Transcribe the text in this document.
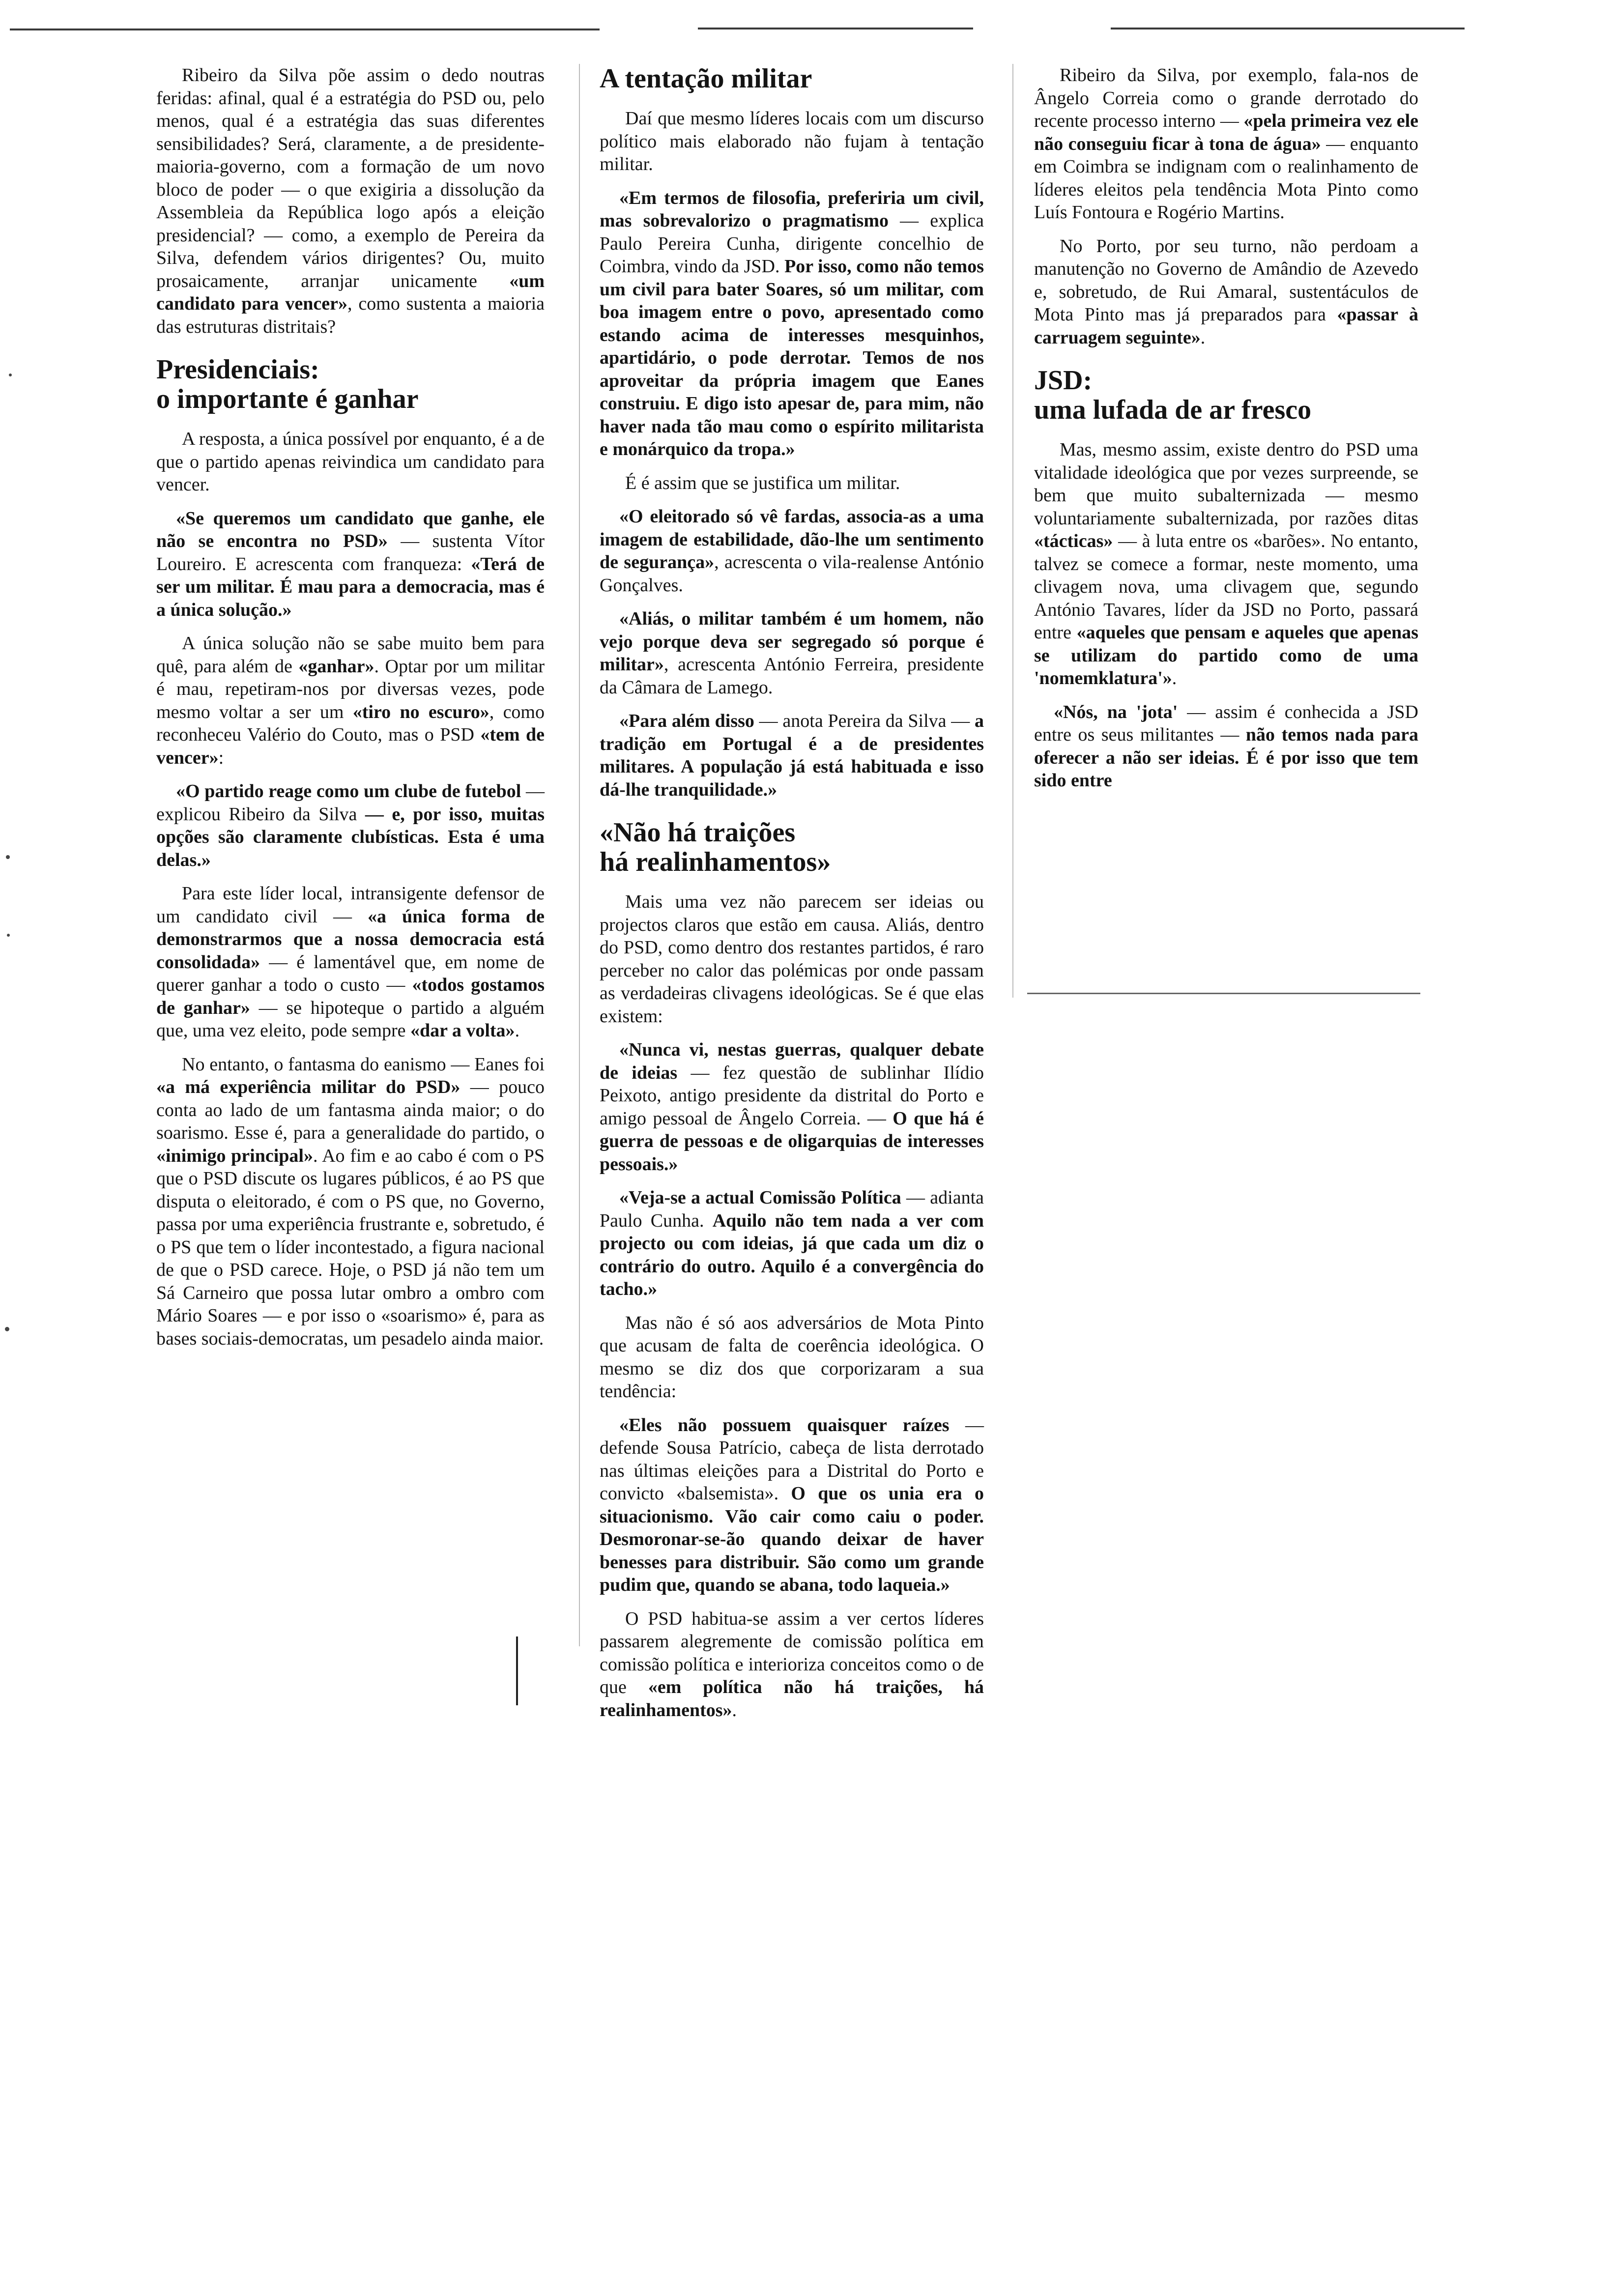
Ribeiro da Silva põe assim o dedo noutras feridas: afinal, qual é a estratégia do PSD ou, pelo menos, qual é a estratégia das suas diferentes sensibilidades? Será, claramente, a de presidente-maioria-governo, com a formação de um novo bloco de poder — o que exigiria a dissolução da Assembleia da República logo após a eleição presidencial? — como, a exemplo de Pereira da Silva, defendem vários dirigentes? Ou, muito prosaicamente, arranjar unicamente «um candidato para vencer», como sustenta a maioria das estruturas distritais?

Presidenciais:
o importante é ganhar

A resposta, a única possível por enquanto, é a de que o partido apenas reivindica um candidato para vencer.

«Se queremos um candidato que ganhe, ele não se encontra no PSD» — sustenta Vítor Loureiro. E acrescenta com franqueza: «Terá de ser um militar. É mau para a democracia, mas é a única solução.»

A única solução não se sabe muito bem para quê, para além de «ganhar». Optar por um militar é mau, repetiram-nos por diversas vezes, pode mesmo voltar a ser um «tiro no escuro», como reconheceu Valério do Couto, mas o PSD «tem de vencer»:

«O partido reage como um clube de futebol — explicou Ribeiro da Silva — e, por isso, muitas opções são claramente clubísticas. Esta é uma delas.»

Para este líder local, intransigente defensor de um candidato civil — «a única forma de demonstrarmos que a nossa democracia está consolidada» — é lamentável que, em nome de querer ganhar a todo o custo — «todos gostamos de ganhar» — se hipoteque o partido a alguém que, uma vez eleito, pode sempre «dar a volta».

No entanto, o fantasma do eanismo — Eanes foi «a má experiência militar do PSD» — pouco conta ao lado de um fantasma ainda maior; o do soarismo. Esse é, para a generalidade do partido, o «inimigo principal». Ao fim e ao cabo é com o PS que o PSD discute os lugares públicos, é ao PS que disputa o eleitorado, é com o PS que, no Governo, passa por uma experiência frustrante e, sobretudo, é o PS que tem o líder incontestado, a figura nacional de que o PSD carece. Hoje, o PSD já não tem um Sá Carneiro que possa lutar ombro a ombro com Mário Soares — e por isso o «soarismo» é, para as bases sociais-democratas, um pesadelo ainda maior.

A tentação militar

Daí que mesmo líderes locais com um discurso político mais elaborado não fujam à tentação militar.

«Em termos de filosofia, preferiria um civil, mas sobrevalorizo o pragmatismo — explica Paulo Pereira Cunha, dirigente concelhio de Coimbra, vindo da JSD. Por isso, como não temos um civil para bater Soares, só um militar, com boa imagem entre o povo, apresentado como estando acima de interesses mesquinhos, apartidário, o pode derrotar. Temos de nos aproveitar da própria imagem que Eanes construiu. E digo isto apesar de, para mim, não haver nada tão mau como o espírito militarista e monárquico da tropa.»

É é assim que se justifica um militar.

«O eleitorado só vê fardas, associa-as a uma imagem de estabilidade, dão-lhe um sentimento de segurança», acrescenta o vila-realense António Gonçalves.

«Aliás, o militar também é um homem, não vejo porque deva ser segregado só porque é militar», acrescenta António Ferreira, presidente da Câmara de Lamego.

«Para além disso — anota Pereira da Silva — a tradição em Portugal é a de presidentes militares. A população já está habituada e isso dá-lhe tranquilidade.»

«Não há traições
há realinhamentos»

Mais uma vez não parecem ser ideias ou projectos claros que estão em causa. Aliás, dentro do PSD, como dentro dos restantes partidos, é raro perceber no calor das polémicas por onde passam as verdadeiras clivagens ideológicas. Se é que elas existem:

«Nunca vi, nestas guerras, qualquer debate de ideias — fez questão de sublinhar Ilídio Peixoto, antigo presidente da distrital do Porto e amigo pessoal de Ângelo Correia. — O que há é guerra de pessoas e de oligarquias de interesses pessoais.»

«Veja-se a actual Comissão Política — adianta Paulo Cunha. Aquilo não tem nada a ver com projecto ou com ideias, já que cada um diz o contrário do outro. Aquilo é a convergência do tacho.»

Mas não é só aos adversários de Mota Pinto que acusam de falta de coerência ideológica. O mesmo se diz dos que corporizaram a sua tendência:

«Eles não possuem quaisquer raízes — defende Sousa Patrício, cabeça de lista derrotado nas últimas eleições para a Distrital do Porto e convicto «balsemista». O que os unia era o situacionismo. Vão cair como caiu o poder. Desmoronar-se-ão quando deixar de haver benesses para distribuir. São como um grande pudim que, quando se abana, todo laqueia.»

O PSD habitua-se assim a ver certos líderes passarem alegremente de comissão política em comissão política e interioriza conceitos como o de que «em política não há traições, há realinhamentos».

Ribeiro da Silva, por exemplo, fala-nos de Ângelo Correia como o grande derrotado do recente processo interno — «pela primeira vez ele não conseguiu ficar à tona de água» — enquanto em Coimbra se indignam com o realinhamento de líderes eleitos pela tendência Mota Pinto como Luís Fontoura e Rogério Martins.

No Porto, por seu turno, não perdoam a manutenção no Governo de Amândio de Azevedo e, sobretudo, de Rui Amaral, sustentáculos de Mota Pinto mas já preparados para «passar à carruagem seguinte».

JSD:
uma lufada de ar fresco

Mas, mesmo assim, existe dentro do PSD uma vitalidade ideológica que por vezes surpreende, se bem que muito subalternizada — mesmo voluntariamente subalternizada, por razões ditas «tácticas» — à luta entre os «barões». No entanto, talvez se comece a formar, neste momento, uma clivagem nova, uma clivagem que, segundo António Tavares, líder da JSD no Porto, passará entre «aqueles que pensam e aqueles que apenas se utilizam do partido como de uma 'nomemklatura'».

«Nós, na 'jota' — assim é conhecida a JSD entre os seus militantes — não temos nada para oferecer a não ser ideias. É é por isso que tem sido entre
